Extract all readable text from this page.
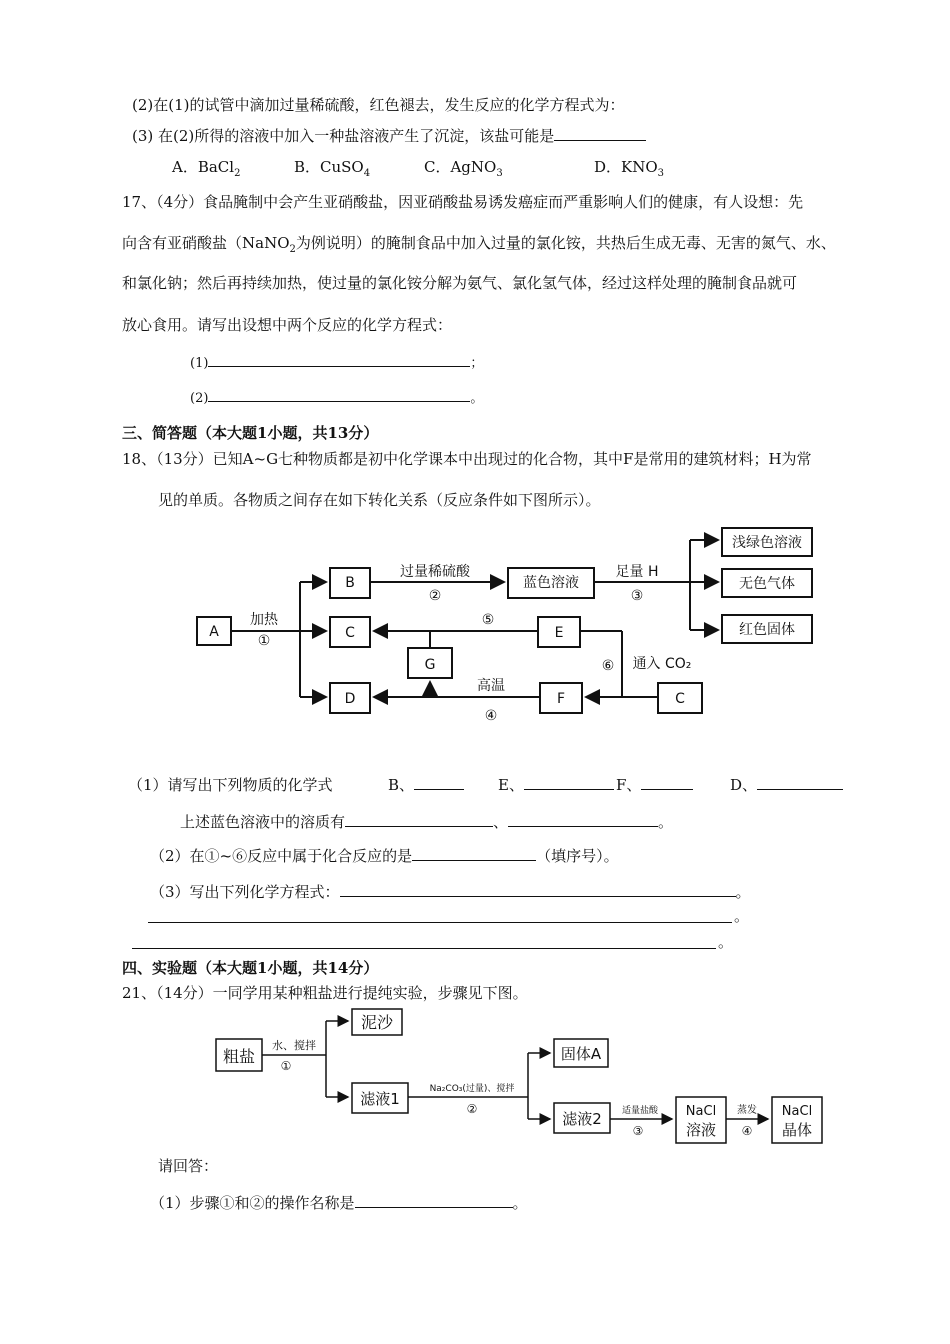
(2)在(1)的试管中滴加过量稀硫酸，红色褪去，发生反应的化学方程式为：
(3) 在(2)所得的溶液中加入一种盐溶液产生了沉淀，该盐可能是
A．BaCl$_2$	B．CuSO$_4$	C．AgNO$_3$	D．$KNO_3$
17、（4分）食品腌制中会产生亚硝酸盐，因亚硝酸盐易诱发癌症而严重影响人们的健康，有人设想：先
向含有亚硝酸盐（NaNO$_2$为例说明）的腌制食品中加入过量的氯化铵，共热后生成无毒、无害的氮气、水、
和氯化钠；然后再持续加热，使过量的氯化铵分解为氨气、氯化氢气体，经过这样处理的腌制食品就可
放心食用。请写出设想中两个反应的化学方程式：
(1)	；
(2)	。
三、简答题（本大题1小题，共13分）
18、（13分）已知A~G七种物质都是初中化学课本中出现过的化合物，其中F是常用的建筑材料；H为常
见的单质。各物质之间存在如下转化关系（反应条件如下图所示）。
A
B
C
D
E
G
F	C
蓝色溶液
浅绿色溶液
无色气体
红色固体
加热
①
过量稀硫酸
②
足量 H
③
⑤
⑥ 通入 CO₂
高温
④
（1）请写出下列物质的化学式	B、	E、	F、	D、
上述蓝色溶液中的溶质有	、	。
（2）在①~⑥反应中属于化合反应的是	（填序号）。
（3）写出下列化学方程式：	。
。
。
四、实验题（本大题1小题，共14分）
21、（14分）一同学用某种粗盐进行提纯实验，步骤见下图。
粗盐
泥沙
滤液1
固体A
滤液2	NaCl
溶液
NaCl
晶体
水、搅拌
①
Na₂CO₃(过量)、搅拌
②	适量盐酸
③
蒸发
④
请回答：
（1）步骤①和②的操作名称是	。
